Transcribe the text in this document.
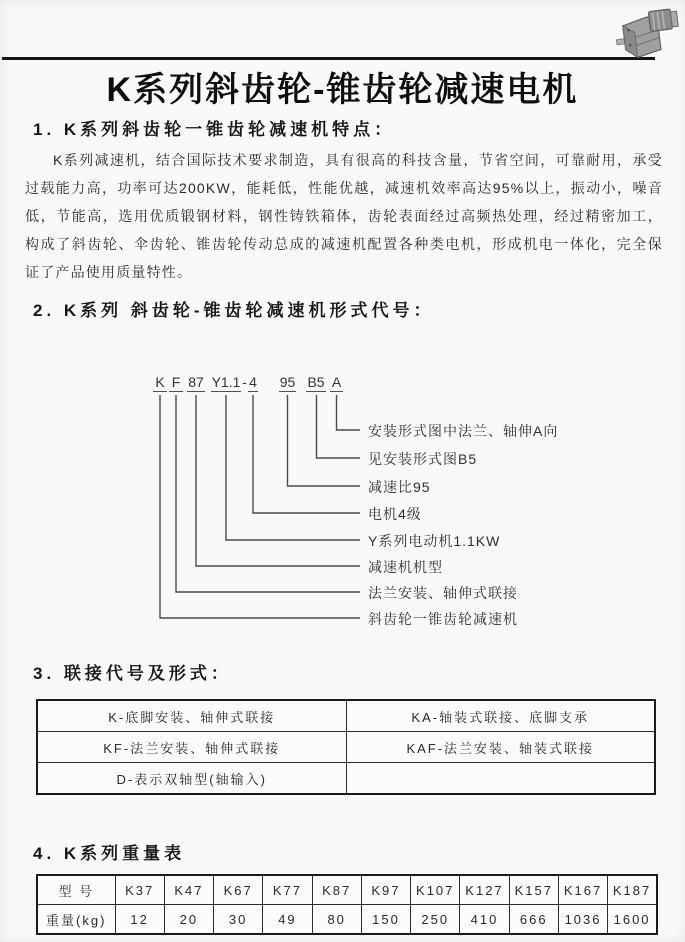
K系列斜齿轮-锥齿轮减速电机
1. K系列斜齿轮一锥齿轮减速机特点：

K系列减速机，结合国际技术要求制造，具有很高的科技含量，节省空间，可靠耐用，承受过载能力高，功率可达200KW，能耗低，性能优越，减速机效率高达95%以上，振动小，噪音低，节能高，选用优质锻钢材料，钢性铸铁箱体，齿轮表面经过高频热处理，经过精密加工，构成了斜齿轮、伞齿轮、锥齿轮传动总成的减速机配置各种类电机，形成机电一体化，完全保证了产品使用质量特性。

2. K系列 斜齿轮-锥齿轮减速机形式代号：
K F 87 Y1.1 - 4 95 B5 A
安装形式图中法兰、轴伸A向
见安装形式图B5
减速比95
电机4级
Y系列电动机1.1KW
减速机机型
法兰安装、轴伸式联接
斜齿轮一锥齿轮减速机
3. 联接代号及形式：
K-底脚安装、轴伸式联接	KA-轴装式联接、底脚支承
KF-法兰安装、轴伸式联接	KAF-法兰安装、轴装式联接
D-表示双轴型(轴输入)	
4. K系列重量表
型 号	K37	K47	K67	K77	K87	K97	K107	K127	K157	K167	K187
重量(kg)	12	20	30	49	80	150	250	410	666	1036	1600
